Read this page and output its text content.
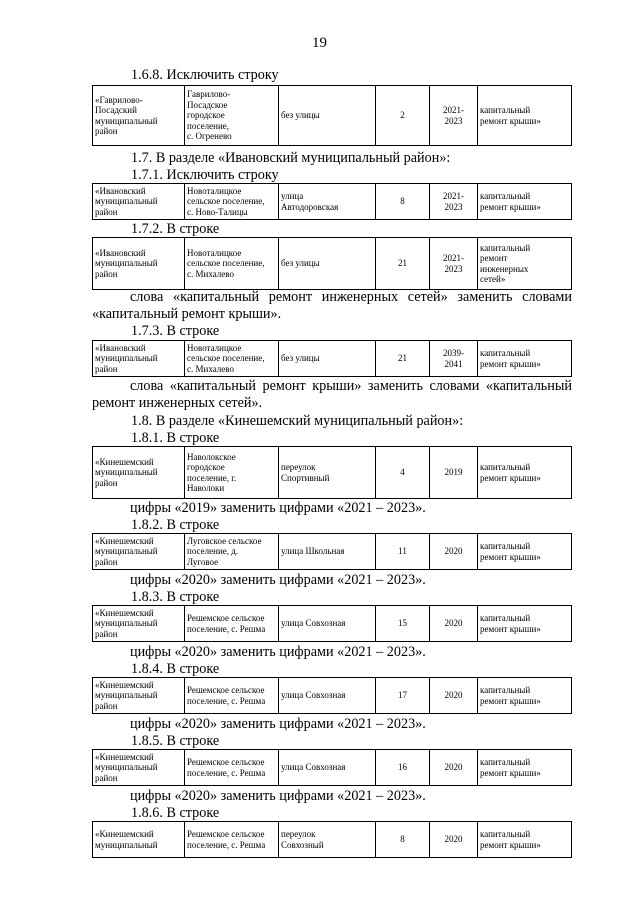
19
1.6.8. Исключить строку
«Гаврилово-
Посадский
муниципальный
район

Гаврилово-
Посадское
городское
поселение,
с. Огренево

без улицы	2

2021-
2023

капитальный
ремонт крыши»
1.7. В разделе «Ивановский муниципальный район»:
1.7.1. Исключить строку
«Ивановский
муниципальный
район

Новоталицкое
сельское поселение,
с. Ново-Талицы

улица
Автодоровская

8

2021-
2023

капитальный
ремонт крыши»
1.7.2. В строке
«Ивановский
муниципальный
район

Новоталицкое
сельское поселение,
с. Михалево

без улицы	21

2021-
2023

капитальный
ремонт
инженерных
сетей»
слова «капитальный ремонт инженерных сетей» заменить словами «капитальный ремонт крыши».
1.7.3. В строке
«Ивановский
муниципальный
район

Новоталицкое
сельское поселение,
с. Михалево

без улицы	21

2039-
2041

капитальный
ремонт крыши»
слова «капитальный ремонт крыши» заменить словами «капитальный ремонт инженерных сетей».
1.8. В разделе «Кинешемский муниципальный район»:
1.8.1. В строке
«Кинешемский
муниципальный
район

Наволокское
городское
поселение, г.
Наволоки

переулок
Спортивный

4	2019

капитальный
ремонт крыши»
цифры «2019» заменить цифрами «2021 – 2023».
1.8.2. В строке
«Кинешемский
муниципальный
район

Луговское сельское
поселение, д.
Луговое

улица Школьная	11	2020

капитальный
ремонт крыши»
цифры «2020» заменить цифрами «2021 – 2023».
1.8.3. В строке
«Кинешемский
муниципальный
район

Решемское сельское
поселение, с. Решма

улица Совхозная	15	2020

капитальный
ремонт крыши»
цифры «2020» заменить цифрами «2021 – 2023».
1.8.4. В строке
«Кинешемский
муниципальный
район

Решемское сельское
поселение, с. Решма

улица Совхозная	17	2020

капитальный
ремонт крыши»
цифры «2020» заменить цифрами «2021 – 2023».
1.8.5. В строке
«Кинешемский
муниципальный
район

Решемское сельское
поселение, с. Решма

улица Совхозная	16	2020

капитальный
ремонт крыши»
цифры «2020» заменить цифрами «2021 – 2023».
1.8.6. В строке
«Кинешемский
муниципальный

Решемское сельское
поселение, с. Решма

переулок
Совхозный

8	2020

капитальный
ремонт крыши»
